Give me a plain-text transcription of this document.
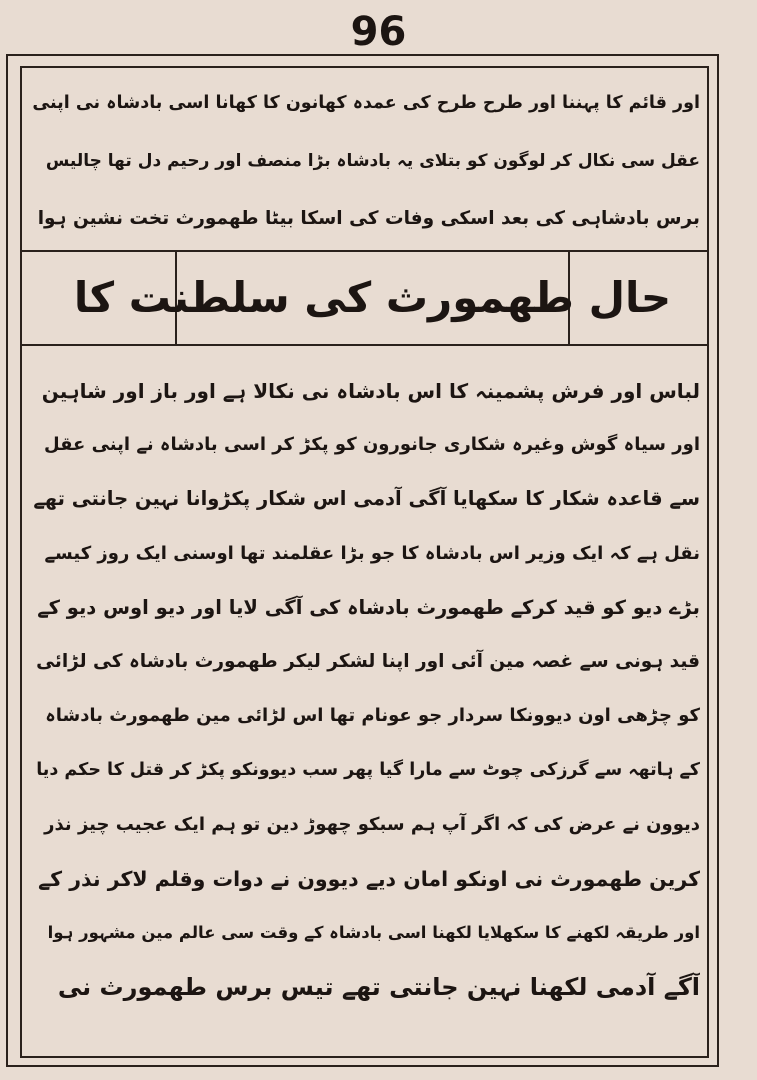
96
اور قائم کا پہننا اور طرح طرح کی عمدہ کھانون کا کھانا اسی بادشاہ نی اپنی
عقل سی نکال کر لوگون کو بتلای یہ بادشاہ بڑا منصف اور رحیم دل تھا چالیس
برس بادشاہی کی بعد اسکی وفات کی اسکا بیٹا طھمورث تخت نشین ہوا
حال طھمورث کی سلطنت کا
لباس اور فرش پشمینہ کا اس بادشاہ نی نکالا ہے اور باز اور شاہین
اور سیاہ گوش وغیرہ شکاری جانورون کو پکڑ کر اسی بادشاہ نے اپنی عقل
سے قاعدہ شکار کا سکھایا آگی آدمی اس شکار پکڑوانا نہین جانتی تھے
نقل ہے کہ ایک وزیر اس بادشاہ کا جو بڑا عقلمند تھا اوسنی ایک روز کیسے
بڑے دیو کو قید کرکے طھمورث بادشاہ کی آگی لایا اور دیو اوس دیو کے
قید ہونی سے غصہ مین آئی اور اپنا لشکر لیکر طھمورث بادشاہ کی لڑائی
کو چڑھی اون دیوونکا سردار جو عونام تھا اس لڑائی مین طھمورث بادشاہ
کے ہاتھہ سے گرزکی چوٹ سے مارا گیا پھر سب دیوونکو پکڑ کر قتل کا حکم دیا
دیوون نے عرض کی کہ اگر آپ ہم سبکو چھوڑ دین تو ہم ایک عجیب چیز نذر
کرین طھمورث نی اونکو امان دیے دیوون نے دوات وقلم لاکر نذر کے
اور طریقہ لکھنے کا سکھلایا لکھنا اسی بادشاہ کے وقت سی عالم مین مشہور ہوا
آگے آدمی لکھنا نہین جانتی تھے تیس برس طھمورث نی
